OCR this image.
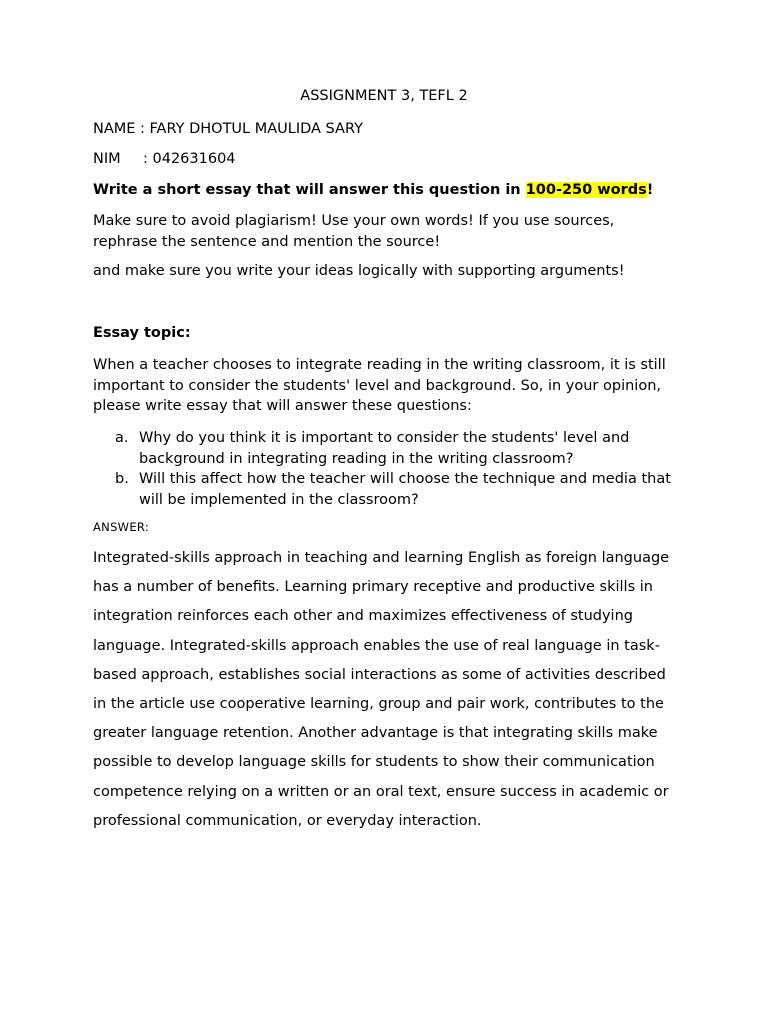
ASSIGNMENT 3, TEFL 2
NAME : FARY DHOTUL MAULIDA SARY
NIM : 042631604
Write a short essay that will answer this question in 100-250 words!
Make sure to avoid plagiarism! Use your own words! If you use sources, rephrase the sentence and mention the source!
and make sure you write your ideas logically with supporting arguments!
Essay topic:
When a teacher chooses to integrate reading in the writing classroom, it is still important to consider the students' level and background. So, in your opinion, please write essay that will answer these questions:
a. Why do you think it is important to consider the students' level and background in integrating reading in the writing classroom?
b. Will this affect how the teacher will choose the technique and media that will be implemented in the classroom?
ANSWER:

Integrated-skills approach in teaching and learning English as foreign language has a number of benefits. Learning primary receptive and productive skills in integration reinforces each other and maximizes effectiveness of studying language. Integrated-skills approach enables the use of real language in task-based approach, establishes social interactions as some of activities described in the article use cooperative learning, group and pair work, contributes to the greater language retention. Another advantage is that integrating skills make possible to develop language skills for students to show their communication competence relying on a written or an oral text, ensure success in academic or professional communication, or everyday interaction.
